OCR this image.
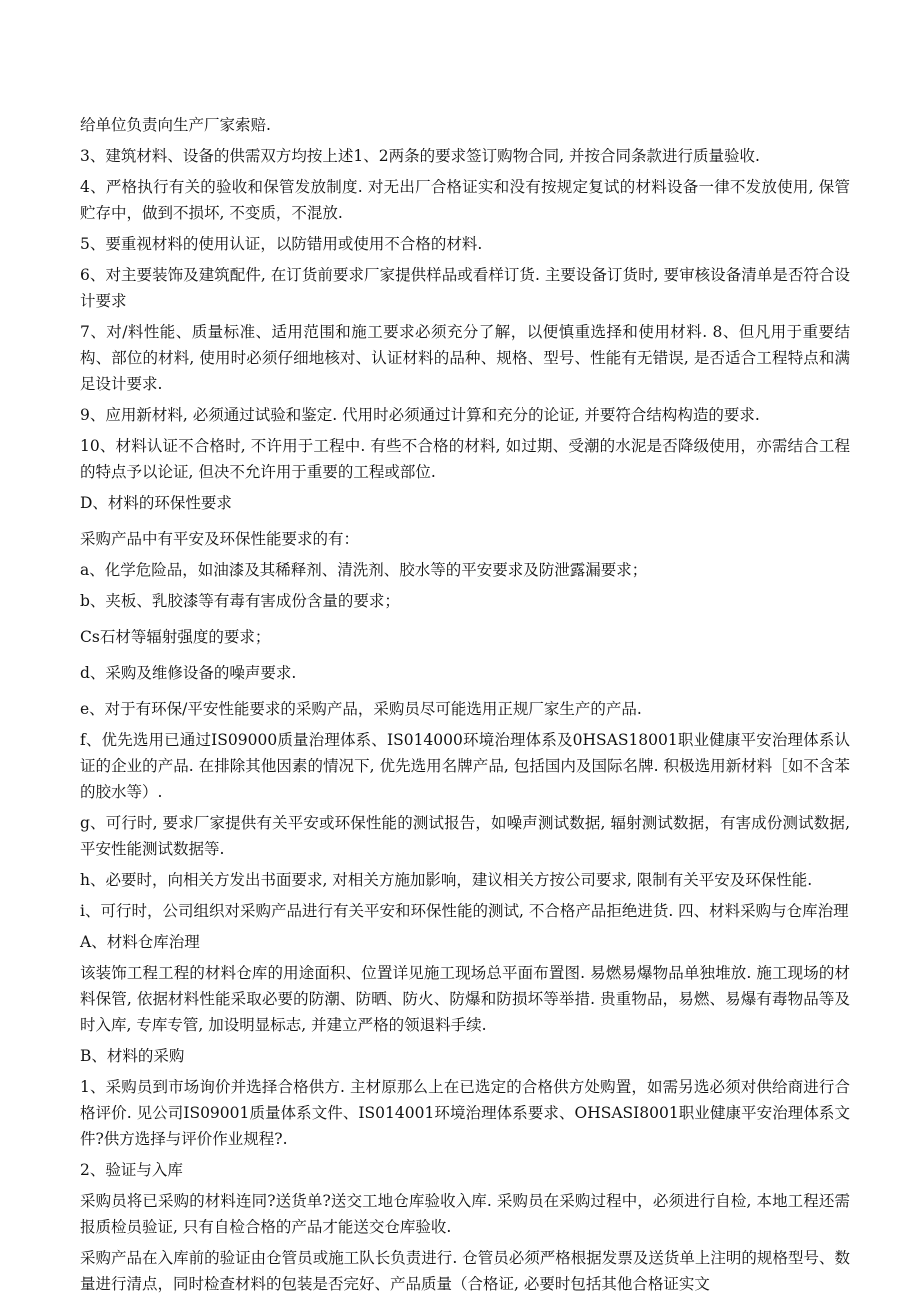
给单位负责向生产厂家索赔.

3、建筑材料、设备的供需双方均按上述1、2两条的要求签订购物合同, 并按合同条款进行质量验收.

4、严格执行有关的验收和保管发放制度. 对无出厂合格证实和没有按规定复试的材料设备一律不发放使用, 保管贮存中，做到不损坏, 不变质，不混放.

5、要重视材料的使用认证，以防错用或使用不合格的材料.

6、对主要装饰及建筑配件, 在订货前要求厂家提供样品或看样订货. 主要设备订货时, 要审核设备清单是否符合设计要求

7、对/料性能、质量标准、适用范围和施工要求必须充分了解，以便慎重选择和使用材料. 8、但凡用于重要结构、部位的材料, 使用时必须仔细地核对、认证材料的品种、规格、型号、性能有无错误, 是否适合工程特点和满足设计要求.

9、应用新材料, 必须通过试验和鉴定. 代用时必须通过计算和充分的论证, 并要符合结构构造的要求.

10、材料认证不合格时, 不许用于工程中. 有些不合格的材料, 如过期、受潮的水泥是否降级使用，亦需结合工程的特点予以论证, 但决不允许用于重要的工程或部位.

D、材料的环保性要求

采购产品中有平安及环保性能要求的有：

a、化学危险品，如油漆及其稀释剂、清洗剂、胶水等的平安要求及防泄露漏要求；

b、夹板、乳胶漆等有毒有害成份含量的要求；

Cs石材等辐射强度的要求；

d、采购及维修设备的噪声要求.

e、对于有环保/平安性能要求的采购产品，采购员尽可能选用正规厂家生产的产品.

f、优先选用已通过IS09000质量治理体系、IS014000环境治理体系及0HSAS18001职业健康平安治理体系认证的企业的产品. 在排除其他因素的情况下, 优先选用名牌产品, 包括国内及国际名牌. 积极选用新材料［如不含苯的胶水等）.

g、可行时, 要求厂家提供有关平安或环保性能的测试报告，如噪声测试数据, 辐射测试数据，有害成份测试数据, 平安性能测试数据等.

h、必要时，向相关方发出书面要求, 对相关方施加影响，建议相关方按公司要求, 限制有关平安及环保性能.

i、可行时，公司组织对采购产品进行有关平安和环保性能的测试, 不合格产品拒绝进货. 四、材料采购与仓库治理

A、材料仓库治理

该装饰工程工程的材料仓库的用途面积、位置详见施工现场总平面布置图. 易燃易爆物品单独堆放. 施工现场的材料保管, 依据材料性能采取必要的防潮、防晒、防火、防爆和防损坏等举措. 贵重物品，易燃、易爆有毒物品等及时入库, 专库专管, 加设明显标志, 并建立严格的领退料手续.

B、材料的采购

1、采购员到市场询价并选择合格供方. 主材原那么上在已选定的合格供方处购置，如需另选必须对供给商进行合格评价. 见公司IS09001质量体系文件、IS014001环境治理体系要求、OHSASI8001职业健康平安治理体系文件?供方选择与评价作业规程?.

2、验证与入库

采购员将已采购的材料连同?送货单?送交工地仓库验收入库. 采购员在采购过程中，必须进行自检, 本地工程还需报质检员验证, 只有自检合格的产品才能送交仓库验收.

采购产品在入库前的验证由仓管员或施工队长负责进行. 仓管员必须严格根据发票及送货单上注明的规格型号、数量进行清点，同时检查材料的包装是否完好、产品质量（合格证, 必要时包括其他合格证实文
